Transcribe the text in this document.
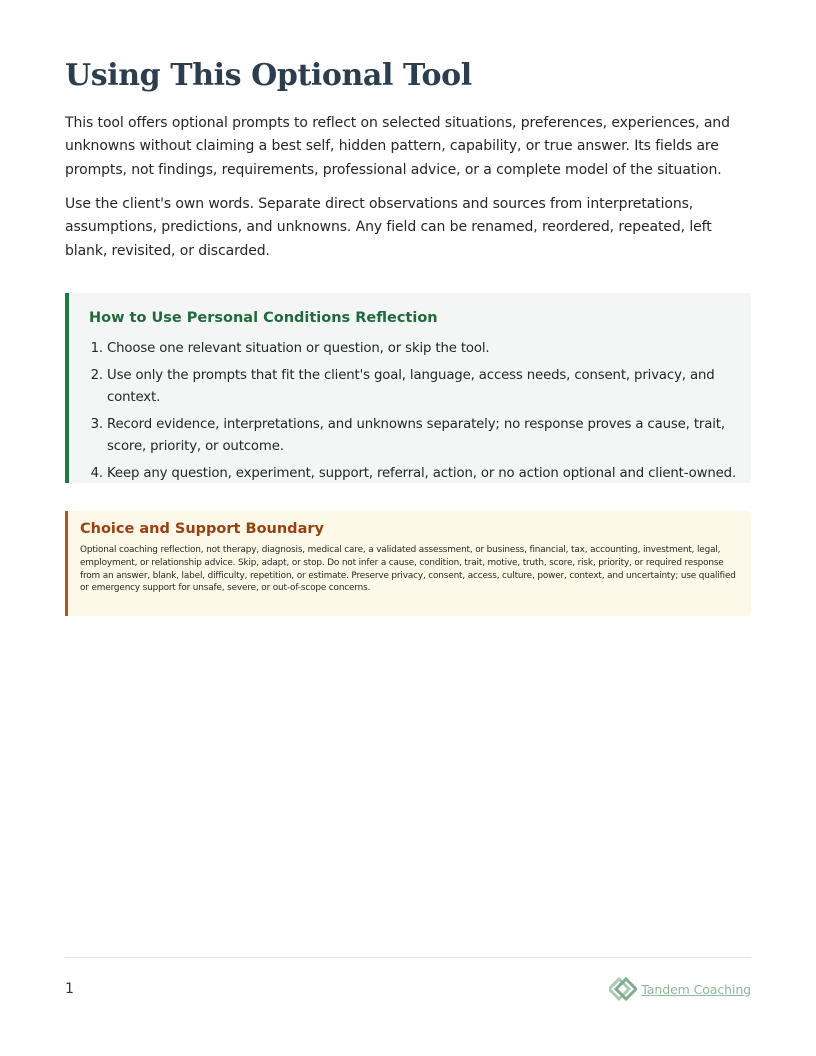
Using This Optional Tool

This tool offers optional prompts to reflect on selected situations, preferences, experiences, and unknowns without claiming a best self, hidden pattern, capability, or true answer. Its fields are prompts, not findings, requirements, professional advice, or a complete model of the situation.

Use the client's own words. Separate direct observations and sources from interpretations, assumptions, predictions, and unknowns. Any field can be renamed, reordered, repeated, left blank, revisited, or discarded.

How to Use Personal Conditions Reflection
1. Choose one relevant situation or question, or skip the tool.
2. Use only the prompts that fit the client's goal, language, access needs, consent, privacy, and context.
3. Record evidence, interpretations, and unknowns separately; no response proves a cause, trait, score, priority, or outcome.
4. Keep any question, experiment, support, referral, action, or no action optional and client-owned.
Choice and Support Boundary

Optional coaching reflection, not therapy, diagnosis, medical care, a validated assessment, or business, financial, tax, accounting, investment, legal, employment, or relationship advice. Skip, adapt, or stop. Do not infer a cause, condition, trait, motive, truth, score, risk, priority, or required response from an answer, blank, label, difficulty, repetition, or estimate. Preserve privacy, consent, access, culture, power, context, and uncertainty; use qualified or emergency support for unsafe, severe, or out-of-scope concerns.

1	Tandem Coaching
